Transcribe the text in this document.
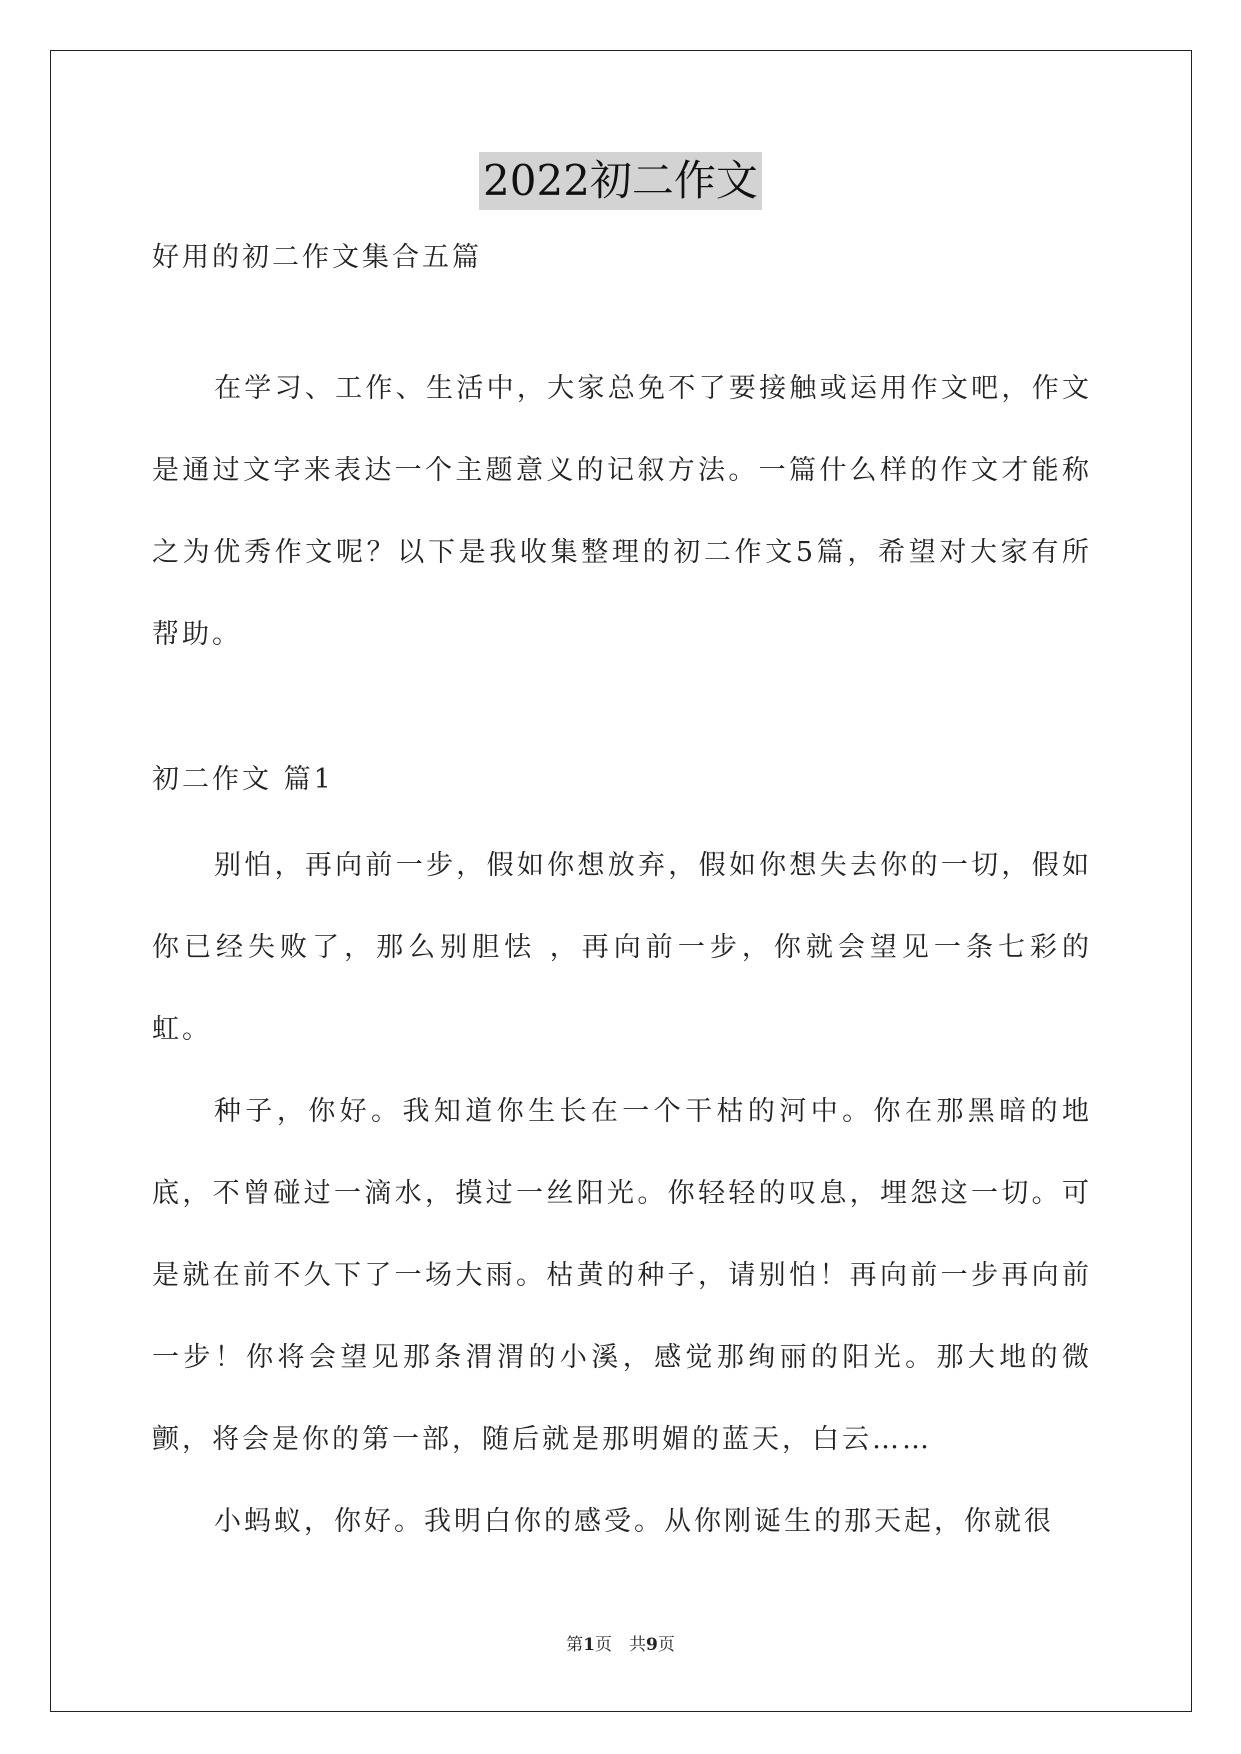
2022初二作文
好用的初二作文集合五篇

在学习、工作、生活中，大家总免不了要接触或运用作文吧，作文是通过文字来表达一个主题意义的记叙方法。一篇什么样的作文才能称之为优秀作文呢？以下是我收集整理的初二作文5篇，希望对大家有所帮助。

初二作文 篇1

别怕，再向前一步，假如你想放弃，假如你想失去你的一切，假如你已经失败了，那么别胆怯 ，再向前一步，你就会望见一条七彩的虹。

种子，你好。我知道你生长在一个干枯的河中。你在那黑暗的地底，不曾碰过一滴水，摸过一丝阳光。你轻轻的叹息，埋怨这一切。可是就在前不久下了一场大雨。枯黄的种子，请别怕！再向前一步再向前一步！你将会望见那条渭渭的小溪，感觉那绚丽的阳光。那大地的微颤，将会是你的第一部，随后就是那明媚的蓝天，白云……

小蚂蚁，你好。我明白你的感受。从你刚诞生的那天起，你就很

第1页　共9页
